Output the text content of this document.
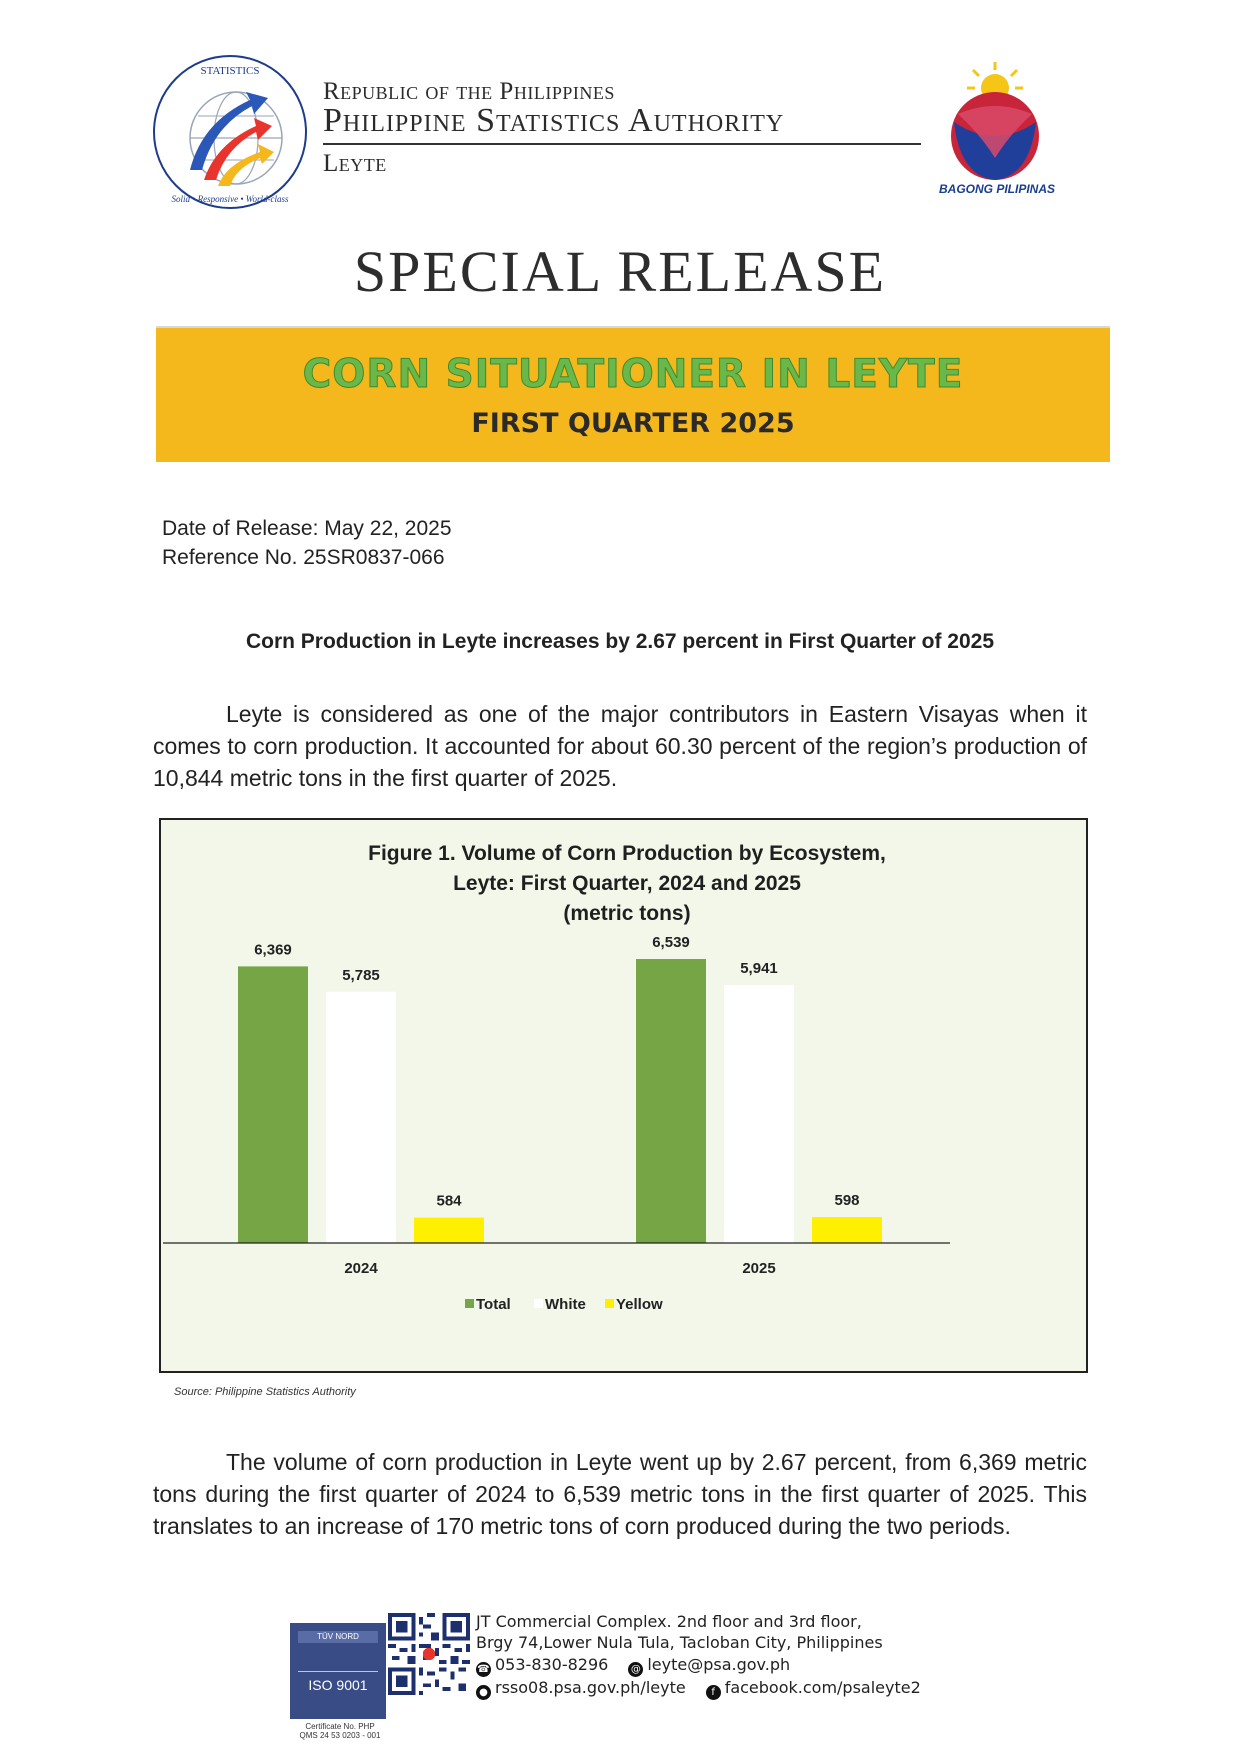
STATISTICS
Solid • Responsive • World-class
Republic of the Philippines
Philippine Statistics Authority
Leyte
BAGONG PILIPINAS
SPECIAL RELEASE
CORN SITUATIONER IN LEYTE
FIRST QUARTER 2025
Date of Release: May 22, 2025
Reference No. 25SR0837-066
Corn Production in Leyte increases by 2.67 percent in First Quarter of 2025
Leyte is considered as one of the major contributors in Eastern Visayas when it comes to corn production. It accounted for about 60.30 percent of the region’s production of 10,844 metric tons in the first quarter of 2025.
Figure 1. Volume of Corn Production by Ecosystem,
Leyte: First Quarter, 2024 and 2025
(metric tons)
6,369	6,539
5,785	5,941
584	598
2024	2025
Total White Yellow
Source: Philippine Statistics Authority
The volume of corn production in Leyte went up by 2.67 percent, from 6,369 metric tons during the first quarter of 2024 to 6,539 metric tons in the first quarter of 2025. This translates to an increase of 170 metric tons of corn produced during the two periods.
TÜV NORD
ISO 9001
Certificate No. PHP
QMS 24 53 0203 - 001
JT Commercial Complex. 2nd floor and 3rd floor,
Brgy 74,Lower Nula Tula, Tacloban City, Philippines
☎ 053-830-8296 @ leyte@psa.gov.ph
● rsso08.psa.gov.ph/leyte	f facebook.com/psaleyte2
